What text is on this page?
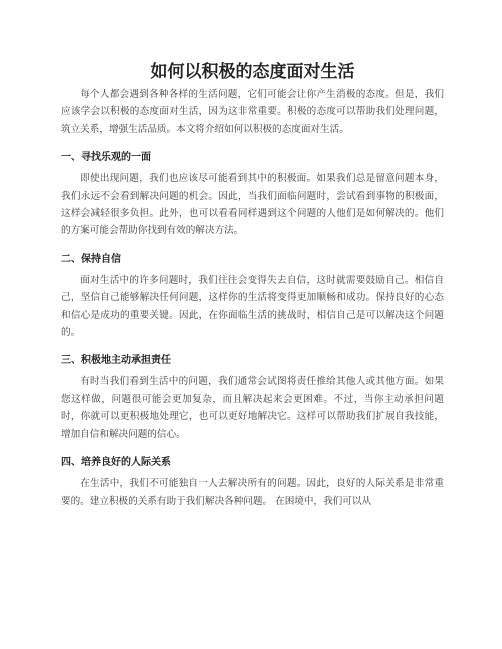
如何以积极的态度面对生活

每个人都会遇到各种各样的生活问题，它们可能会让你产生消极的态度。但是，我们应该学会以积极的态度面对生活，因为这非常重要。积极的态度可以帮助我们处理问题，筑立关系，增强生活品质。本文将介绍如何以积极的态度面对生活。

一、寻找乐观的一面

即使出现问题，我们也应该尽可能看到其中的积极面。如果我们总是留意问题本身，我们永远不会看到解决问题的机会。因此，当我们面临问题时，尝试看到事物的积极面，这样会减轻很多负担。此外，也可以看看同样遇到这个问题的人他们是如何解决的。他们的方案可能会帮助你找到有效的解决方法。

二、保持自信

面对生活中的许多问题时，我们往往会变得失去自信，这时就需要鼓励自己。相信自己，坚信自己能够解决任何问题，这样你的生活将变得更加顺畅和成功。保持良好的心态和信心是成功的重要关键。因此，在你面临生活的挑战时，相信自己是可以解决这个问题的。

三、积极地主动承担责任

有时当我们看到生活中的问题，我们通常会试图将责任推给其他人或其他方面。如果您这样做，问题很可能会更加复杂，而且解决起来会更困难。不过，当你主动承担问题时，你就可以更积极地处理它，也可以更好地解决它。这样可以帮助我们扩展自我技能，增加自信和解决问题的信心。

四、培养良好的人际关系

在生活中，我们不可能独自一人去解决所有的问题。因此，良好的人际关系是非常重要的。建立积极的关系有助于我们解决各种问题。 在困境中，我们可以从
